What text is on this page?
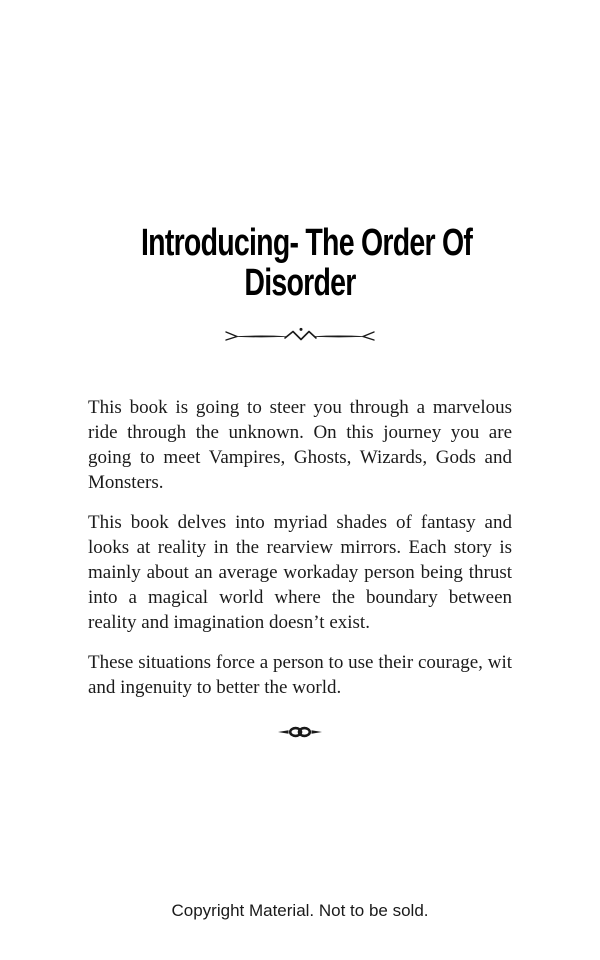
Introducing- The Order Of
Disorder

This book is going to steer you through a marvelous ride through the unknown. On this journey you are going to meet Vampires, Ghosts, Wizards, Gods and Monsters.

This book delves into myriad shades of fantasy and looks at reality in the rearview mirrors. Each story is mainly about an average workaday person being thrust into a magical world where the boundary between reality and imagination doesn’t exist.

These situations force a person to use their courage, wit and ingenuity to better the world.

Copyright Material. Not to be sold.
